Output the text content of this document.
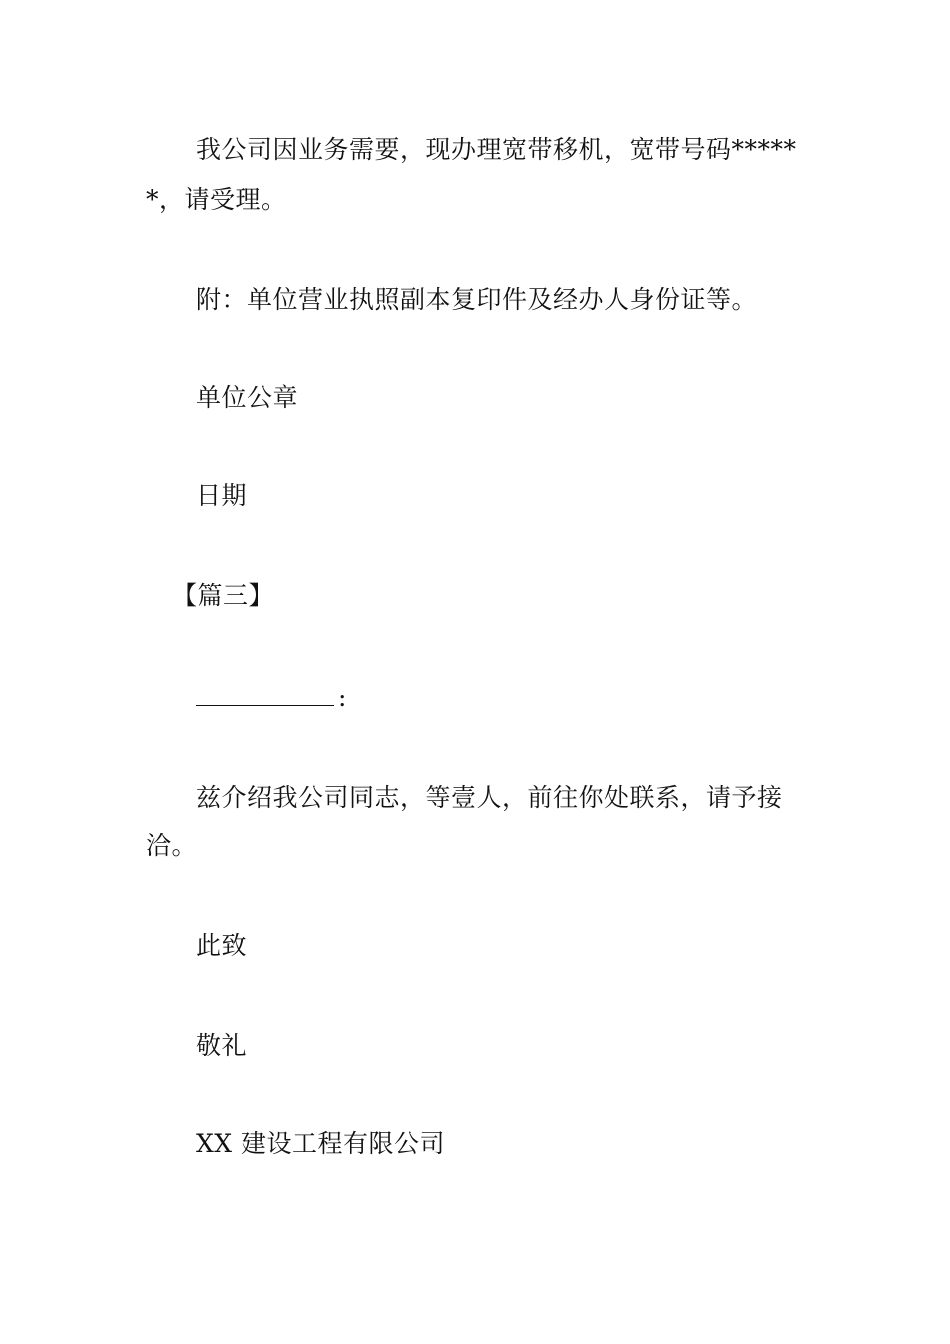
我公司因业务需要，现办理宽带移机，宽带号码*****
*，请受理。
附：单位营业执照副本复印件及经办人身份证等。
单位公章
日期
【篇三】
:
兹介绍我公司同志，等壹人，前往你处联系，请予接
洽。
此致
敬礼
XX 建设工程有限公司
